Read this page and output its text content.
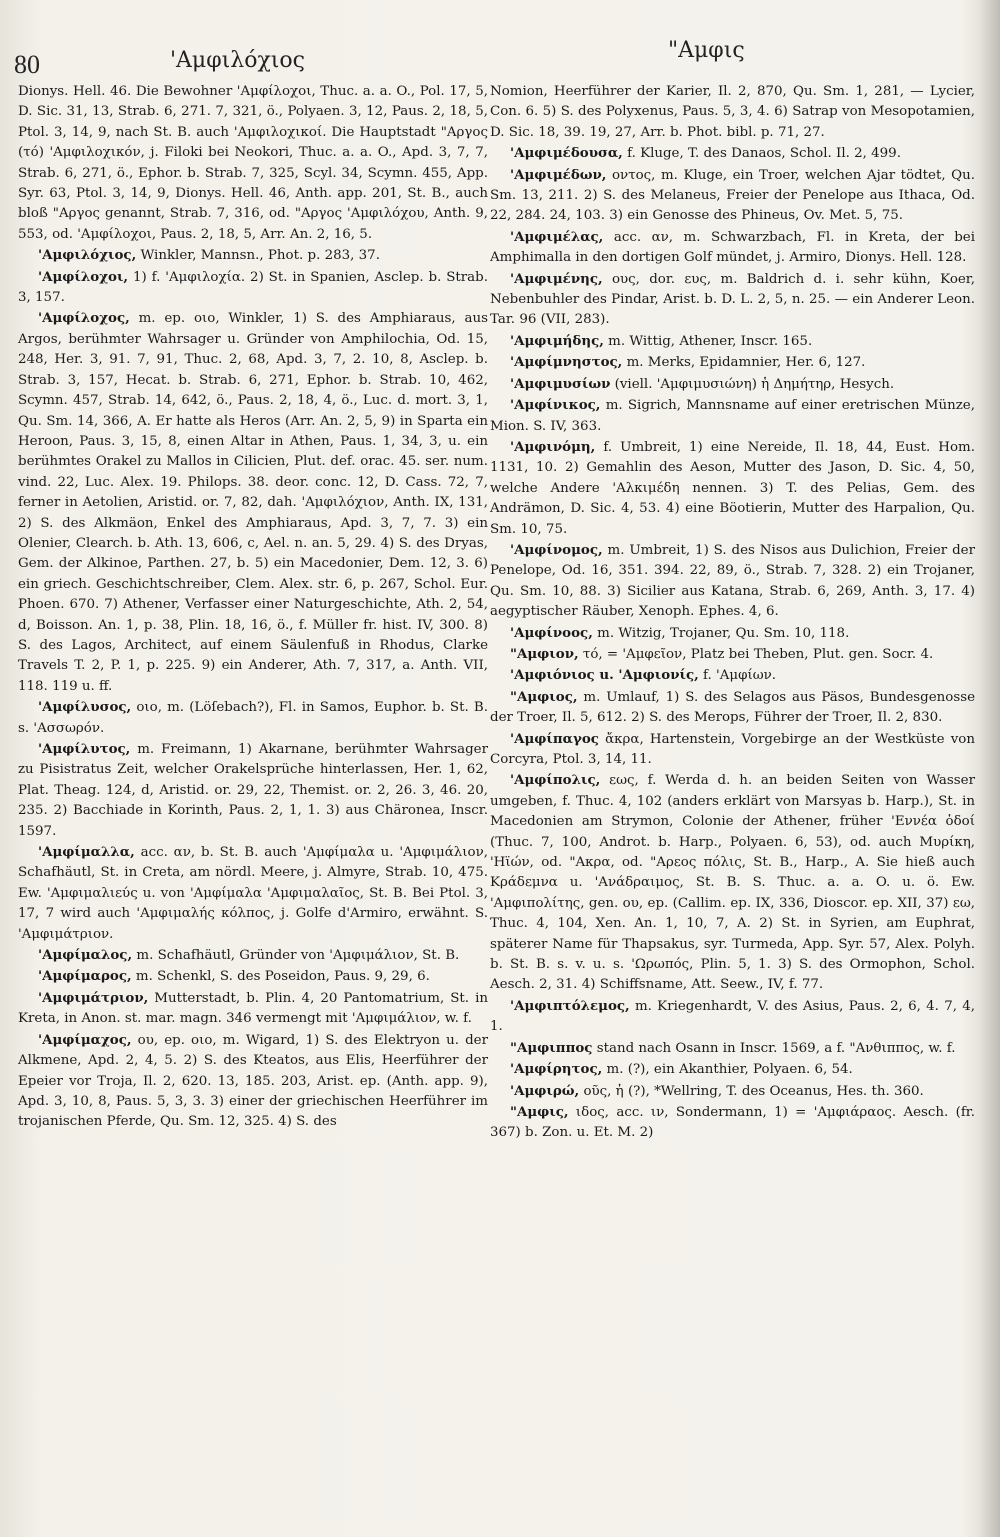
80	'Αμφιλόχιος	"Αμφις

Dionys. Hell. 46. Die Bewohner 'Αμφίλοχοι, Thuc. a. a. O., Pol. 17, 5, D. Sic. 31, 13, Strab. 6, 271. 7, 321, ö., Polyaen. 3, 12, Paus. 2, 18, 5, Ptol. 3, 14, 9, nach St. B. auch 'Αμφιλοχικοί. Die Hauptstadt "Αργος (τό) 'Αμφιλοχικόν, j. Filoki bei Neokori, Thuc. a. a. O., Apd. 3, 7, 7, Strab. 6, 271, ö., Ephor. b. Strab. 7, 325, Scyl. 34, Scymn. 455, App. Syr. 63, Ptol. 3, 14, 9, Dionys. Hell. 46, Anth. app. 201, St. B., auch bloß "Αργος genannt, Strab. 7, 316, od. "Αργος 'Αμφιλόχου, Anth. 9, 553, od. 'Αμφίλοχοι, Paus. 2, 18, 5, Arr. An. 2, 16, 5.

'Αμφιλόχιος, Winkler, Mannsn., Phot. p. 283, 37.

'Αμφίλοχοι, 1) f. 'Αμφιλοχία. 2) St. in Spanien, Asclep. b. Strab. 3, 157.

'Αμφίλοχος, m. ep. οιο, Winkler, 1) S. des Amphiaraus, aus Argos, berühmter Wahrsager u. Gründer von Amphilochia, Od. 15, 248, Her. 3, 91. 7, 91, Thuc. 2, 68, Apd. 3, 7, 2. 10, 8, Asclep. b. Strab. 3, 157, Hecat. b. Strab. 6, 271, Ephor. b. Strab. 10, 462, Scymn. 457, Strab. 14, 642, ö., Paus. 2, 18, 4, ö., Luc. d. mort. 3, 1, Qu. Sm. 14, 366, A. Er hatte als Heros (Arr. An. 2, 5, 9) in Sparta ein Heroon, Paus. 3, 15, 8, einen Altar in Athen, Paus. 1, 34, 3, u. ein berühmtes Orakel zu Mallos in Cilicien, Plut. def. orac. 45. ser. num. vind. 22, Luc. Alex. 19. Philops. 38. deor. conc. 12, D. Cass. 72, 7, ferner in Aetolien, Aristid. or. 7, 82, dah. 'Αμφιλόχιον, Anth. IX, 131, 2) S. des Alkmäon, Enkel des Amphiaraus, Apd. 3, 7, 7. 3) ein Olenier, Clearch. b. Ath. 13, 606, c, Ael. n. an. 5, 29. 4) S. des Dryas, Gem. der Alkinoe, Parthen. 27, b. 5) ein Macedonier, Dem. 12, 3. 6) ein griech. Geschichtschreiber, Clem. Alex. str. 6, p. 267, Schol. Eur. Phoen. 670. 7) Athener, Verfasser einer Naturgeschichte, Ath. 2, 54, d, Boisson. An. 1, p. 38, Plin. 18, 16, ö., f. Müller fr. hist. IV, 300. 8) S. des Lagos, Architect, auf einem Säulenfuß in Rhodus, Clarke Travels T. 2, P. 1, p. 225. 9) ein Anderer, Ath. 7, 317, a. Anth. VII, 118. 119 u. ff.

'Αμφίλυσος, οιο, m. (Löſebach?), Fl. in Samos, Euphor. b. St. B. s. 'Ασσωρόν.

'Αμφίλυτος, m. Freimann, 1) Akarnane, berühmter Wahrsager zu Pisistratus Zeit, welcher Orakelsprüche hinterlassen, Her. 1, 62, Plat. Theag. 124, d, Aristid. or. 29, 22, Themist. or. 2, 26. 3, 46. 20, 235. 2) Bacchiade in Korinth, Paus. 2, 1, 1. 3) aus Chäronea, Inscr. 1597.

'Αμφίμαλλα, acc. αν, b. St. B. auch 'Αμφίμαλα u. 'Αμφιμάλιον, Schafhäutl, St. in Creta, am nördl. Meere, j. Almyre, Strab. 10, 475. Ew. 'Αμφιμαλιεύς u. von 'Αμφίμαλα 'Αμφιμαλαῖος, St. B. Bei Ptol. 3, 17, 7 wird auch 'Αμφιμαλής κόλπος, j. Golfe d'Armiro, erwähnt. S. 'Αμφιμάτριον.

'Αμφίμαλος, m. Schafhäutl, Gründer von 'Αμφιμάλιον, St. B.

'Αμφίμαρος, m. Schenkl, S. des Poseidon, Paus. 9, 29, 6.

'Αμφιμάτριον, Mutterstadt, b. Plin. 4, 20 Pantomatrium, St. in Kreta, in Anon. st. mar. magn. 346 vermengt mit 'Αμφιμάλιον, w. f.

'Αμφίμαχος, ου, ep. οιο, m. Wigard, 1) S. des Elektryon u. der Alkmene, Apd. 2, 4, 5. 2) S. des Kteatos, aus Elis, Heerführer der Epeier vor Troja, Il. 2, 620. 13, 185. 203, Arist. ep. (Anth. app. 9), Apd. 3, 10, 8, Paus. 5, 3, 3. 3) einer der griechischen Heerführer im trojanischen Pferde, Qu. Sm. 12, 325. 4) S. des

Nomion, Heerführer der Karier, Il. 2, 870, Qu. Sm. 1, 281, — Lycier, Con. 6. 5) S. des Polyxenus, Paus. 5, 3, 4. 6) Satrap von Mesopotamien, D. Sic. 18, 39. 19, 27, Arr. b. Phot. bibl. p. 71, 27.

'Αμφιμέδουσα, f. Kluge, T. des Danaos, Schol. Il. 2, 499.

'Αμφιμέδων, οντος, m. Kluge, ein Troer, welchen Ajar tödtet, Qu. Sm. 13, 211. 2) S. des Melaneus, Freier der Penelope aus Ithaca, Od. 22, 284. 24, 103. 3) ein Genosse des Phineus, Ov. Met. 5, 75.

'Αμφιμέλας, acc. αν, m. Schwarzbach, Fl. in Kreta, der bei Amphimalla in den dortigen Golf mündet, j. Armiro, Dionys. Hell. 128.

'Αμφιμένης, ους, dor. ευς, m. Baldrich d. i. sehr kühn, Koer, Nebenbuhler des Pindar, Arist. b. D. L. 2, 5, n. 25. — ein Anderer Leon. Tar. 96 (VII, 283).

'Αμφιμήδης, m. Wittig, Athener, Inscr. 165.

'Αμφίμνηστος, m. Merks, Epidamnier, Her. 6, 127.

'Αμφιμυσίων (viell. 'Αμφιμυσιώνη) ἡ Δημήτηρ, Hesych.

'Αμφίνικος, m. Sigrich, Mannsname auf einer eretrischen Münze, Mion. S. IV, 363.

'Αμφινόμη, f. Umbreit, 1) eine Nereide, Il. 18, 44, Eust. Hom. 1131, 10. 2) Gemahlin des Aeson, Mutter des Jason, D. Sic. 4, 50, welche Andere 'Αλκιμέδη nennen. 3) T. des Pelias, Gem. des Andrämon, D. Sic. 4, 53. 4) eine Böotierin, Mutter des Harpalion, Qu. Sm. 10, 75.

'Αμφίνομος, m. Umbreit, 1) S. des Nisos aus Dulichion, Freier der Penelope, Od. 16, 351. 394. 22, 89, ö., Strab. 7, 328. 2) ein Trojaner, Qu. Sm. 10, 88. 3) Sicilier aus Katana, Strab. 6, 269, Anth. 3, 17. 4) aegyptischer Räuber, Xenoph. Ephes. 4, 6.

'Αμφίνοος, m. Witzig, Trojaner, Qu. Sm. 10, 118.

"Αμφιον, τό, = 'Αμφεῖον, Platz bei Theben, Plut. gen. Socr. 4.

'Αμφιόνιος u. 'Αμφιονίς, f. 'Αμφίων.

"Αμφιος, m. Umlauf, 1) S. des Selagos aus Päsos, Bundesgenosse der Troer, Il. 5, 612. 2) S. des Merops, Führer der Troer, Il. 2, 830.

'Αμφίπαγος ἄκρα, Hartenstein, Vorgebirge an der Westküste von Corcyra, Ptol. 3, 14, 11.

'Αμφίπολις, εως, f. Werda d. h. an beiden Seiten von Wasser umgeben, f. Thuc. 4, 102 (anders erklärt von Marsyas b. Harp.), St. in Macedonien am Strymon, Colonie der Athener, früher 'Εννέα ὁδοί (Thuc. 7, 100, Androt. b. Harp., Polyaen. 6, 53), od. auch Μυρίκη, 'Ηϊών, od. "Ακρα, od. "Αρεος πόλις, St. B., Harp., A. Sie hieß auch Κράδεμνα u. 'Ανάδραιμος, St. B. S. Thuc. a. a. O. u. ö. Ew. 'Αμφιπολίτης, gen. ου, ep. (Callim. ep. IX, 336, Dioscor. ep. XII, 37) εω, Thuc. 4, 104, Xen. An. 1, 10, 7, A. 2) St. in Syrien, am Euphrat, späterer Name für Thapsakus, syr. Turmeda, App. Syr. 57, Alex. Polyh. b. St. B. s. v. u. s. 'Ωρωπός, Plin. 5, 1. 3) S. des Ormophon, Schol. Aesch. 2, 31. 4) Schiffsname, Att. Seew., IV, f. 77.

'Αμφιπτόλεμος, m. Kriegenhardt, V. des Asius, Paus. 2, 6, 4. 7, 4, 1.

"Αμφιππος stand nach Osann in Inscr. 1569, a f. "Ανθιππος, w. f.

'Αμφίρητος, m. (?), ein Akanthier, Polyaen. 6, 54.

'Αμφιρώ, οῦς, ἡ (?), *Wellring, T. des Oceanus, Hes. th. 360.

"Αμφις, ιδος, acc. ιν, Sondermann, 1) = 'Αμφιάραος. Aesch. (fr. 367) b. Zon. u. Et. M. 2)
